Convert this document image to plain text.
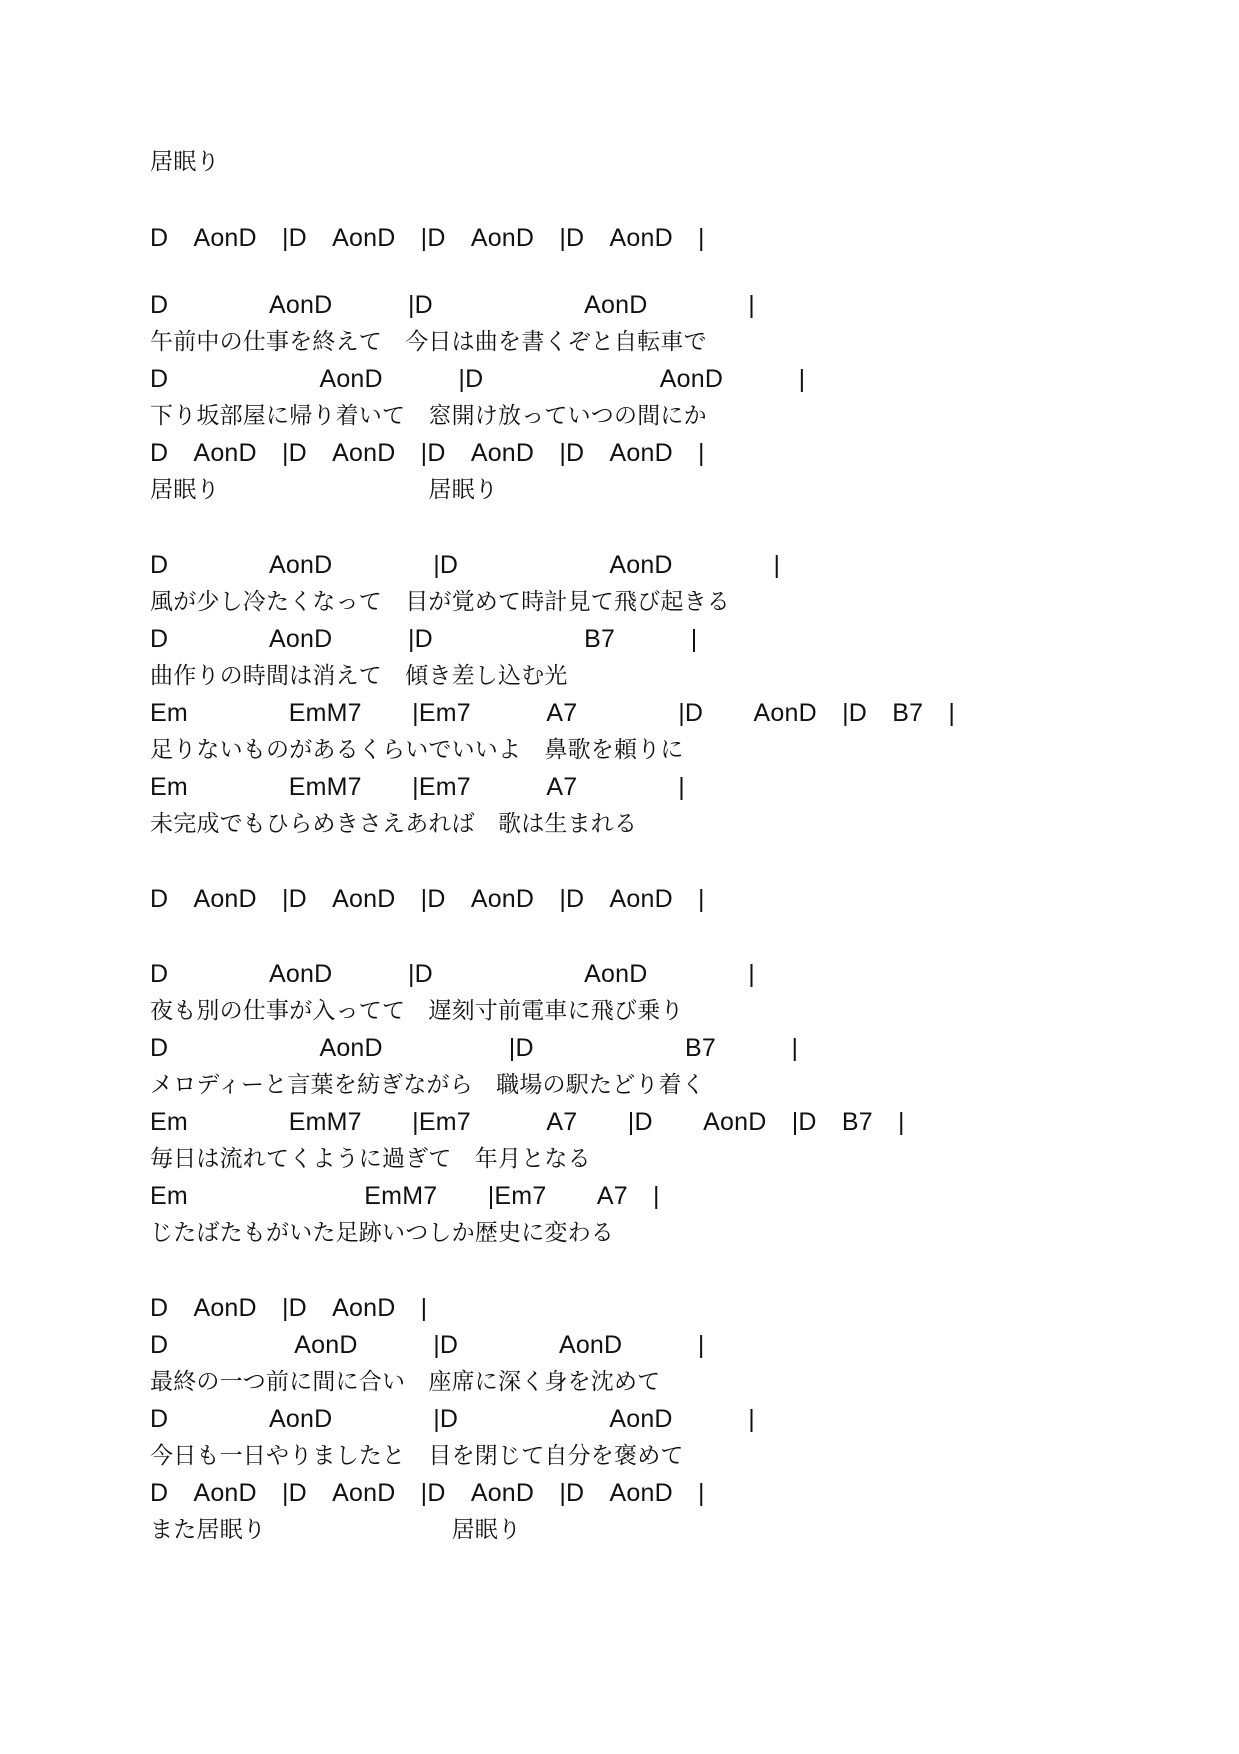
居眠り
D　AonD　|D　AonD　|D　AonD　|D　AonD　|
D　　　　AonD　　　|D　　　　　　AonD　　　　|
午前中の仕事を終えて　今日は曲を書くぞと自転車で
D　　　　　　AonD　　　|D　　　　　　　AonD　　　|
下り坂部屋に帰り着いて　窓開け放っていつの間にか
D　AonD　|D　AonD　|D　AonD　|D　AonD　|
居眠り　　　　　　　　　居眠り
D　　　　AonD　　　　|D　　　　　　AonD　　　　|
風が少し冷たくなって　目が覚めて時計見て飛び起きる
D　　　　AonD　　　|D　　　　　　B7　　　|
曲作りの時間は消えて　傾き差し込む光
Em　　　　EmM7　　|Em7　　　A7　　　　|D　　AonD　|D　B7　|
足りないものがあるくらいでいいよ　鼻歌を頼りに
Em　　　　EmM7　　|Em7　　　A7　　　　|
未完成でもひらめきさえあれば　歌は生まれる
D　AonD　|D　AonD　|D　AonD　|D　AonD　|
D　　　　AonD　　　|D　　　　　　AonD　　　　|
夜も別の仕事が入ってて　遅刻寸前電車に飛び乗り
D　　　　　　AonD　　　　　|D　　　　　　B7　　　|
メロディーと言葉を紡ぎながら　職場の駅たどり着く
Em　　　　EmM7　　|Em7　　　A7　　|D　　AonD　|D　B7　|
毎日は流れてくように過ぎて　年月となる
Em　　　　　　　EmM7　　|Em7　　A7　|
じたばたもがいた足跡いつしか歴史に変わる
D　AonD　|D　AonD　|
D　　　　　AonD　　　|D　　　　AonD　　　|
最終の一つ前に間に合い　座席に深く身を沈めて
D　　　　AonD　　　　|D　　　　　　AonD　　　|
今日も一日やりましたと　目を閉じて自分を褒めて
D　AonD　|D　AonD　|D　AonD　|D　AonD　|
また居眠り　　　　　　　　居眠り
